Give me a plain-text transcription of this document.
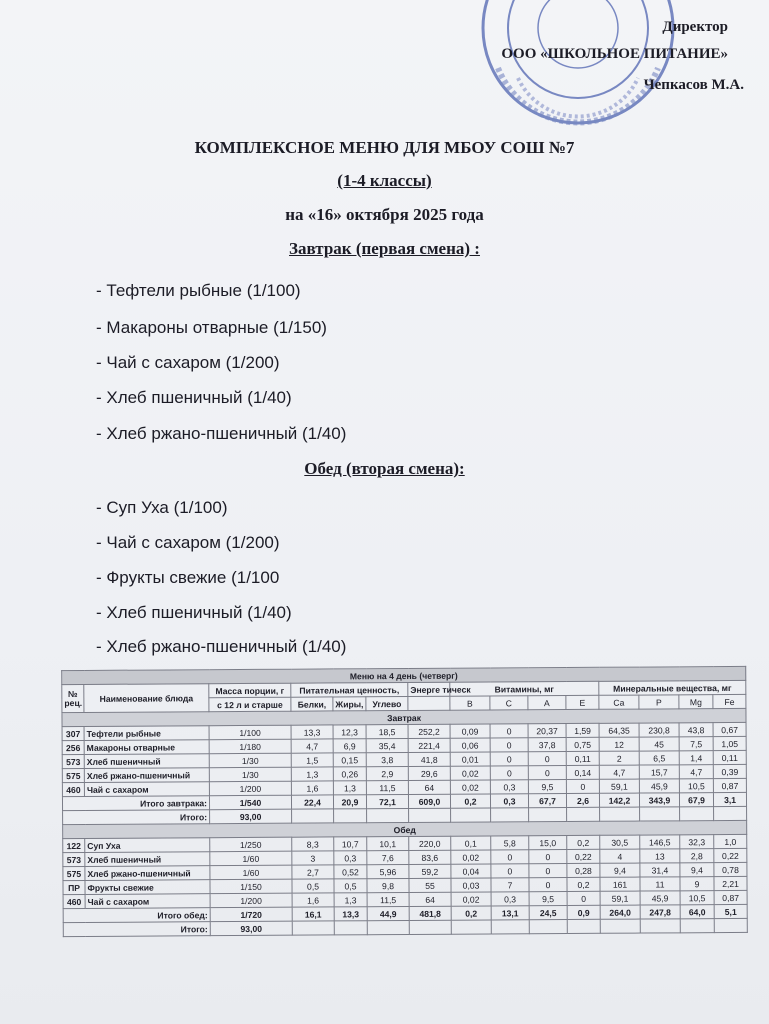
Директор
ООО «ШКОЛЬНОЕ ПИТАНИЕ»
Чепкасов М.А.
КОМПЛЕКСНОЕ МЕНЮ ДЛЯ МБОУ СОШ №7
(1-4 классы)
на «16» октября 2025 года
Завтрак (первая смена) :
- Тефтели рыбные (1/100)
- Макароны отварные (1/150)
- Чай с сахаром (1/200)
- Хлеб пшеничный (1/40)
- Хлеб ржано-пшеничный (1/40)
Обед (вторая смена):
- Суп Уха (1/100)
- Чай с сахаром (1/200)
- Фрукты свежие (1/100
- Хлеб пшеничный (1/40)
- Хлеб ржано-пшеничный (1/40)
Меню на 4 день (четверг)														
№ рец.	Наименование блюда	Масса порции, г	Питательная ценность,			Энерге тическ	Витамины, мг				Минеральные вещества, мг			
		с 12 л и старше	Белки,	Жиры,	Углево		B	C	A	E	Ca	P	Mg	Fe
Завтрак														
307	Тефтели рыбные	1/100	13,3	12,3	18,5	252,2	0,09	0	20,37	1,59	64,35	230,8	43,8	0,67
256	Макароны отварные	1/180	4,7	6,9	35,4	221,4	0,06	0	37,8	0,75	12	45	7,5	1,05
573	Хлеб пшеничный	1/30	1,5	0,15	3,8	41,8	0,01	0	0	0,11	2	6,5	1,4	0,11
575	Хлеб ржано-пшеничный	1/30	1,3	0,26	2,9	29,6	0,02	0	0	0,14	4,7	15,7	4,7	0,39
460	Чай с сахаром	1/200	1,6	1,3	11,5	64	0,02	0,3	9,5	0	59,1	45,9	10,5	0,87
Итого завтрака:		1/540	22,4	20,9	72,1	609,0	0,2	0,3	67,7	2,6	142,2	343,9	67,9	3,1
Итого:		93,00												
Обед														
122	Суп Уха	1/250	8,3	10,7	10,1	220,0	0,1	5,8	15,0	0,2	30,5	146,5	32,3	1,0
573	Хлеб пшеничный	1/60	3	0,3	7,6	83,6	0,02	0	0	0,22	4	13	2,8	0,22
575	Хлеб ржано-пшеничный	1/60	2,7	0,52	5,96	59,2	0,04	0	0	0,28	9,4	31,4	9,4	0,78
ПР	Фрукты свежие	1/150	0,5	0,5	9,8	55	0,03	7	0	0,2	161	11	9	2,21
460	Чай с сахаром	1/200	1,6	1,3	11,5	64	0,02	0,3	9,5	0	59,1	45,9	10,5	0,87
Итого обед:		1/720	16,1	13,3	44,9	481,8	0,2	13,1	24,5	0,9	264,0	247,8	64,0	5,1
Итого:		93,00												
